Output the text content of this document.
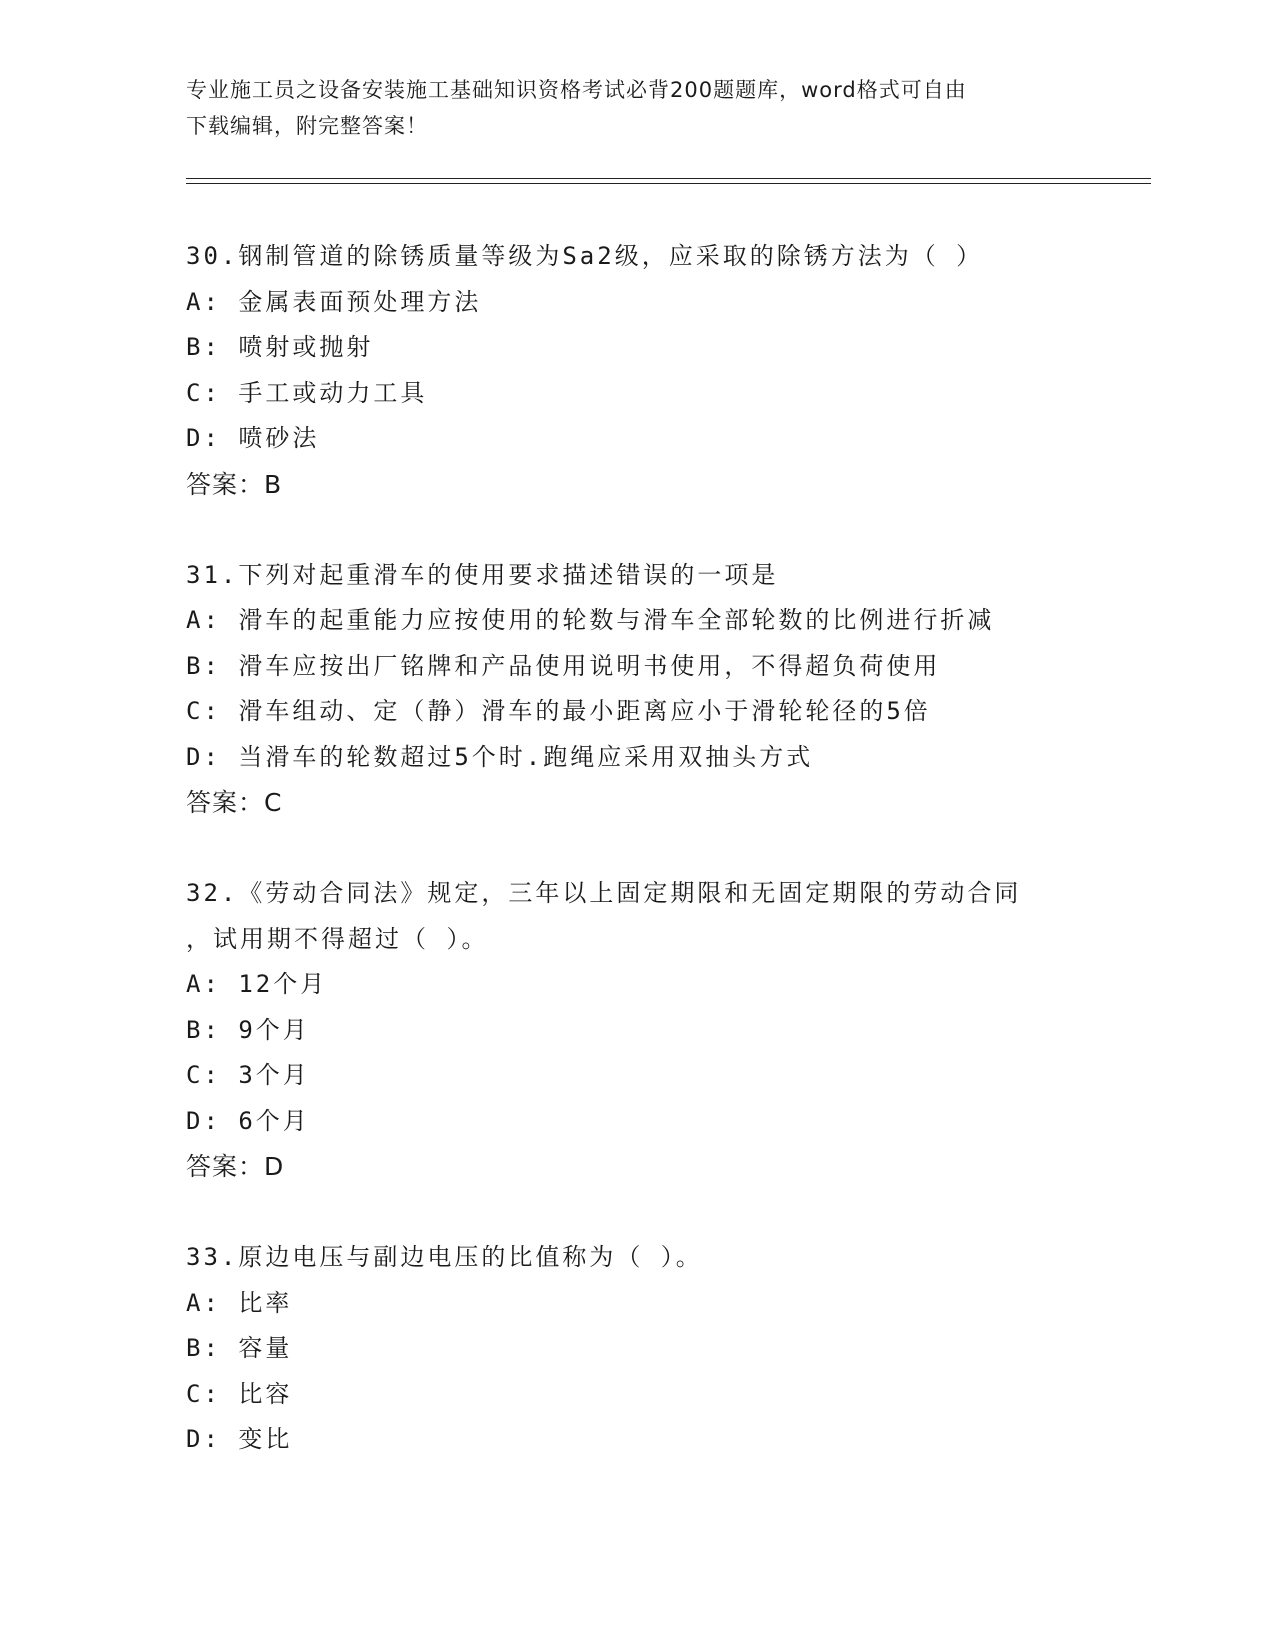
专业施工员之设备安装施工基础知识资格考试必背200题题库，word格式可自由
下载编辑，附完整答案！
30.钢制管道的除锈质量等级为Sa2级，应采取的除锈方法为（ ）
A: 金属表面预处理方法
B: 喷射或抛射
C: 手工或动力工具
D: 喷砂法
答案：B
31.下列对起重滑车的使用要求描述错误的一项是
A: 滑车的起重能力应按使用的轮数与滑车全部轮数的比例进行折减
B: 滑车应按出厂铭牌和产品使用说明书使用，不得超负荷使用
C: 滑车组动、定（静）滑车的最小距离应小于滑轮轮径的5倍
D: 当滑车的轮数超过5个时.跑绳应采用双抽头方式
答案：C
32.《劳动合同法》规定，三年以上固定期限和无固定期限的劳动合同
，试用期不得超过（ ）。
A: 12个月
B: 9个月
C: 3个月
D: 6个月
答案：D
33.原边电压与副边电压的比值称为（ ）。
A: 比率
B: 容量
C: 比容
D: 变比
